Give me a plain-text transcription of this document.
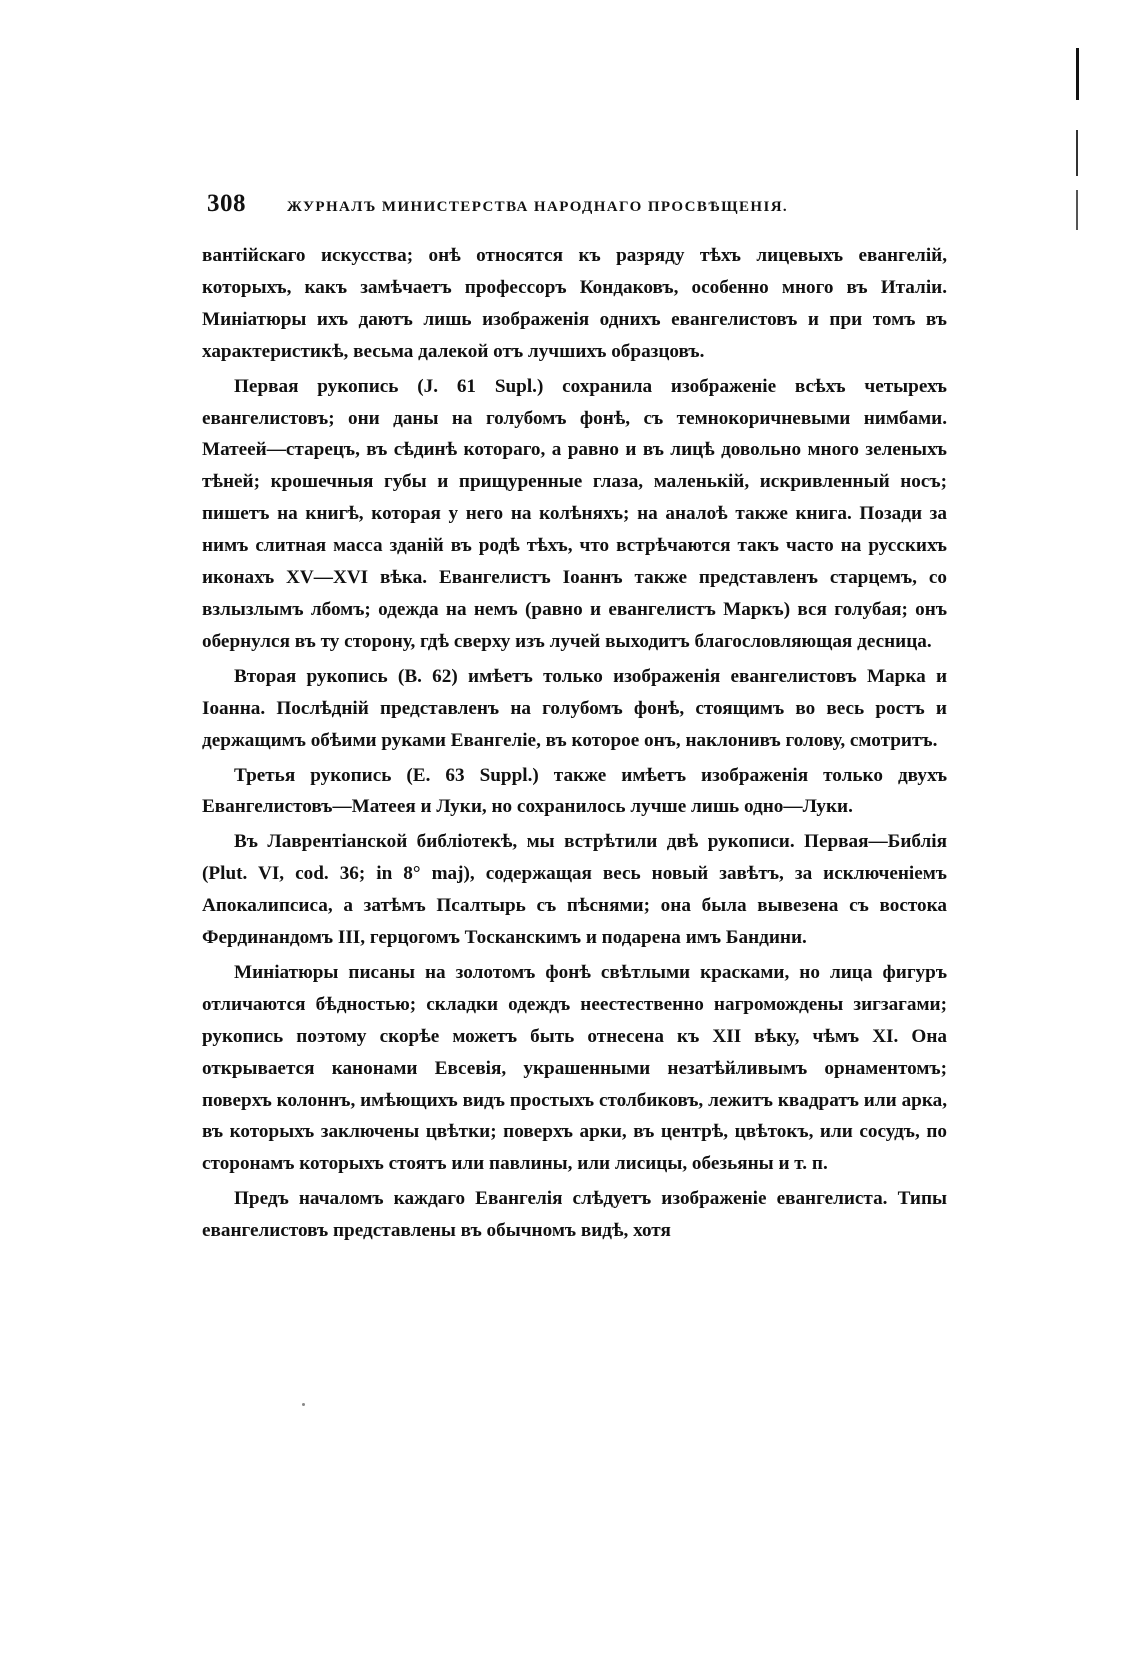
308	ЖУРНАЛЪ МИНИСТЕРСТВА НАРОДНАГО ПРОСВѢЩЕНІЯ.

вантійскаго искусства; онѣ относятся къ разряду тѣхъ лицевыхъ евангелій, которыхъ, какъ замѣчаетъ профессоръ Кондаковъ, особенно много въ Италіи. Миніатюры ихъ даютъ лишь изображенія однихъ евангелистовъ и при томъ въ характеристикѣ, весьма далекой отъ лучшихъ образцовъ.

Первая рукопись (J. 61 Supl.) сохранила изображеніе всѣхъ четырехъ евангелистовъ; они даны на голубомъ фонѣ, съ темнокоричневыми нимбами. Матеей—старецъ, въ сѣдинѣ котораго, а равно и въ лицѣ довольно много зеленыхъ тѣней; крошечныя губы и прищуренные глаза, маленькій, искривленный носъ; пишетъ на книгѣ, которая у него на колѣняхъ; на аналоѣ также книга. Позади за нимъ слитная масса зданій въ родѣ тѣхъ, что встрѣчаются такъ часто на русскихъ иконахъ XV—XVI вѣка. Евангелистъ Іоаннъ также представленъ старцемъ, со взлызлымъ лбомъ; одежда на немъ (равно и евангелистъ Маркъ) вся голубая; онъ обернулся въ ту сторону, гдѣ сверху изъ лучей выходитъ благословляющая десница.

Вторая рукопись (В. 62) имѣетъ только изображенія евангелистовъ Марка и Іоанна. Послѣдній представленъ на голубомъ фонѣ, стоящимъ во весь ростъ и держащимъ обѣими руками Евангеліе, въ которое онъ, наклонивъ голову, смотритъ.

Третья рукопись (Е. 63 Suppl.) также имѣетъ изображенія только двухъ Евангелистовъ—Матеея и Луки, но сохранилось лучше лишь одно—Луки.

Въ Лаврентіанской библіотекѣ, мы встрѣтили двѣ рукописи. Первая—Библія (Plut. VI, cod. 36; in 8° maj), содержащая весь новый завѣтъ, за исключеніемъ Апокалипсиса, а затѣмъ Псалтырь съ пѣснями; она была вывезена съ востока Фердинандомъ III, герцогомъ Тосканскимъ и подарена имъ Бандини.

Миніатюры писаны на золотомъ фонѣ свѣтлыми красками, но лица фигуръ отличаются бѣдностью; складки одеждъ неестественно нагромождены зигзагами; рукопись поэтому скорѣе можетъ быть отнесена къ XII вѣку, чѣмъ XI. Она открывается канонами Евсевія, украшенными незатѣйливымъ орнаментомъ; поверхъ колоннъ, имѣющихъ видъ простыхъ столбиковъ, лежитъ квадратъ или арка, въ которыхъ заключены цвѣтки; поверхъ арки, въ центрѣ, цвѣтокъ, или сосудъ, по сторонамъ которыхъ стоятъ или павлины, или лисицы, обезьяны и т. п.

Предъ началомъ каждаго Евангелія слѣдуетъ изображеніе евангелиста. Типы евангелистовъ представлены въ обычномъ видѣ, хотя
